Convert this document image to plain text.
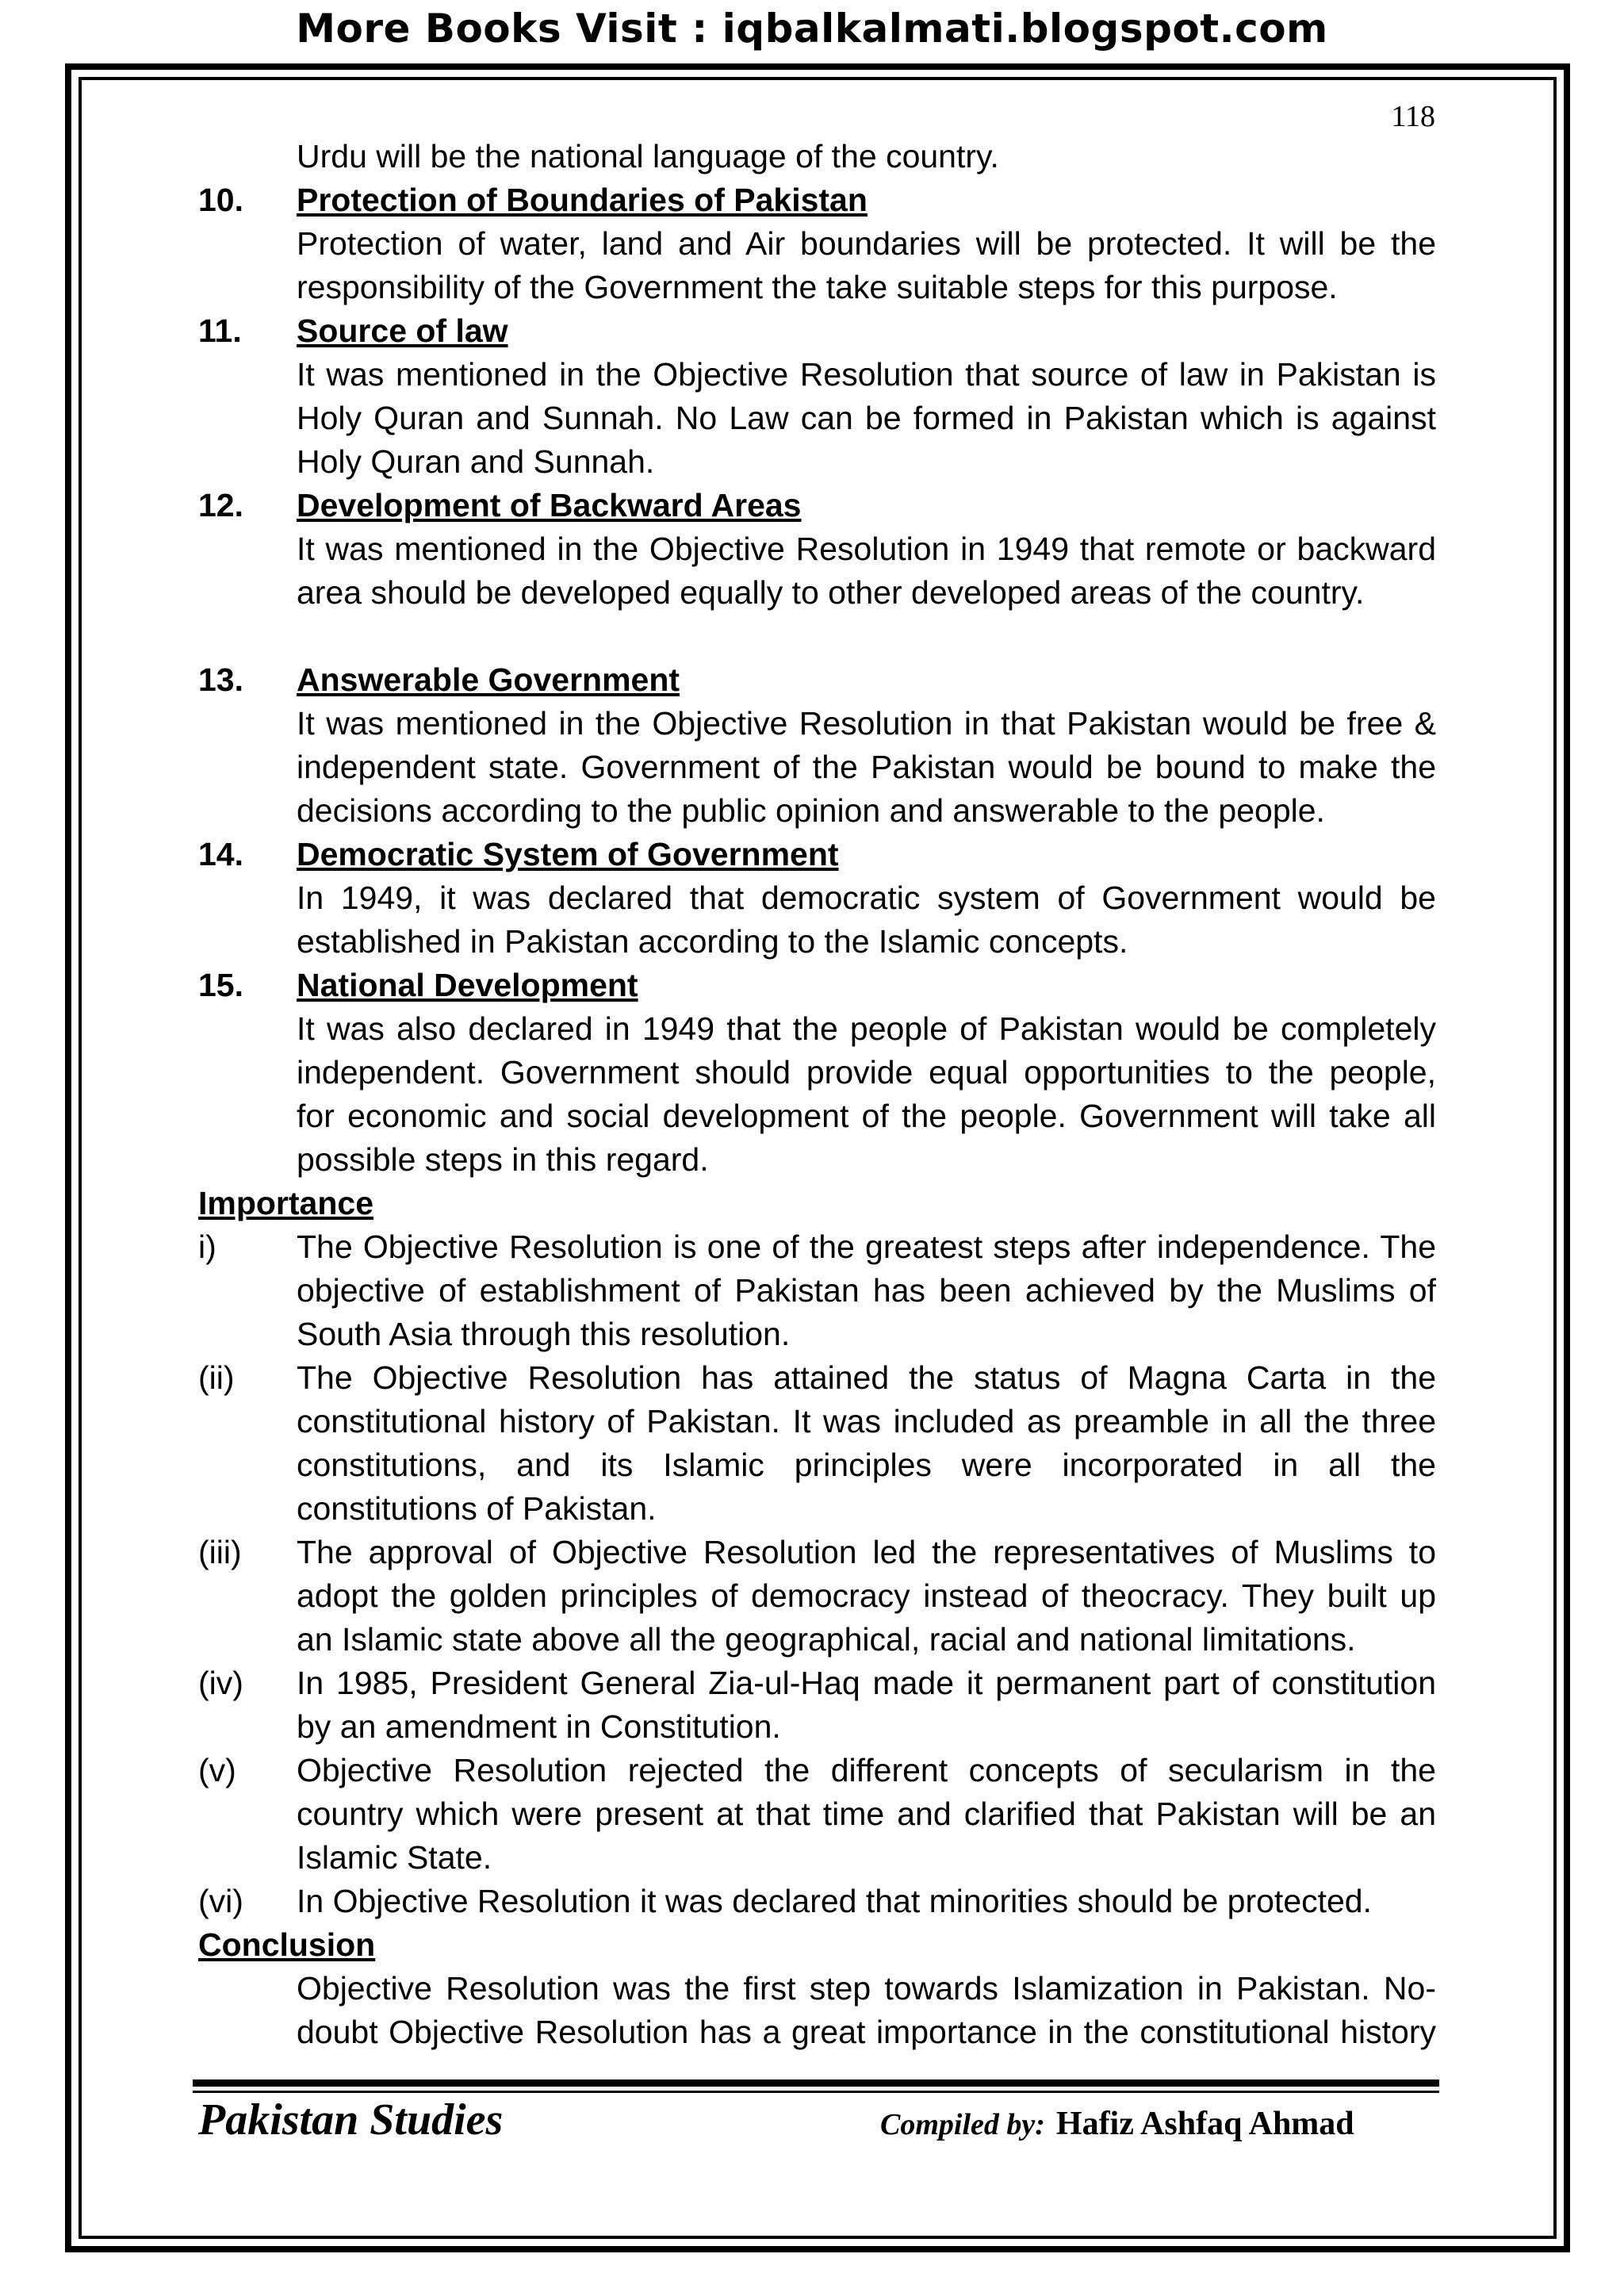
More Books Visit : iqbalkalmati.blogspot.com
118
Urdu will be the national language of the country.
10. Protection of Boundaries of Pakistan
Protection of water, land and Air boundaries will be protected. It will be the
responsibility of the Government the take suitable steps for this purpose.
11. Source of law
It was mentioned in the Objective Resolution that source of law in Pakistan is
Holy Quran and Sunnah. No Law can be formed in Pakistan which is against
Holy Quran and Sunnah.
12. Development of Backward Areas
It was mentioned in the Objective Resolution in 1949 that remote or backward
area should be developed equally to other developed areas of the country.
13. Answerable Government
It was mentioned in the Objective Resolution in that Pakistan would be free &
independent state. Government of the Pakistan would be bound to make the
decisions according to the public opinion and answerable to the people.
14. Democratic System of Government
In 1949, it was declared that democratic system of Government would be
established in Pakistan according to the Islamic concepts.
15. National Development
It was also declared in 1949 that the people of Pakistan would be completely
independent. Government should provide equal opportunities to the people,
for economic and social development of the people. Government will take all
possible steps in this regard.
Importance
i) The Objective Resolution is one of the greatest steps after independence. The
objective of establishment of Pakistan has been achieved by the Muslims of
South Asia through this resolution.
(ii) The Objective Resolution has attained the status of Magna Carta in the
constitutional history of Pakistan. It was included as preamble in all the three
constitutions, and its Islamic principles were incorporated in all the
constitutions of Pakistan.
(iii) The approval of Objective Resolution led the representatives of Muslims to
adopt the golden principles of democracy instead of theocracy. They built up
an Islamic state above all the geographical, racial and national limitations.
(iv) In 1985, President General Zia-ul-Haq made it permanent part of constitution
by an amendment in Constitution.
(v) Objective Resolution rejected the different concepts of secularism in the
country which were present at that time and clarified that Pakistan will be an
Islamic State.
(vi) In Objective Resolution it was declared that minorities should be protected.
Conclusion
Objective Resolution was the first step towards Islamization in Pakistan. No-
doubt Objective Resolution has a great importance in the constitutional history
Pakistan Studies	Compiled by: Hafiz Ashfaq Ahmad
